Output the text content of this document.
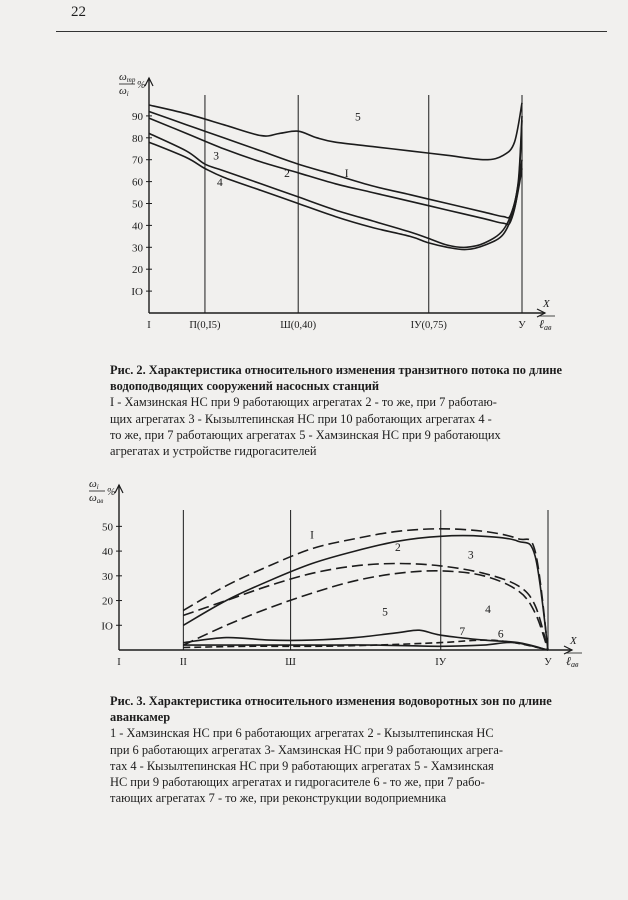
22
ωтр
ωi
%
X
ℓав
IO
20
30
40
50
60
70
80
90
I	П(0,I5)	Ш(0,40)	IУ(0,75)	У
I
2
3
4
5
Рис. 2. Характеристика относительного изменения транзитного потока по длине водоподводящих сооружений насосных станций
I - Хамзинская НС при 9 работающих агрегатах 2 - то же, при 7 работаю-
щих агрегатах 3 - Кызылтепинская НС при 10 работающих агрегатах 4 -
то же, при 7 работающих агрегатах 5 - Хамзинская НС при 9 работающих
агрегатах и устройстве гидрогасителей
ωi
ωав
%
X
ℓав
IO
20
30
40
50
I	II	Ш	IУ	У
I
2
3
4
5
6
7
Рис. 3. Характеристика относительного изменения водоворотных зон по длине аванкамер
1 - Хамзинская НС при 6 работающих агрегатах 2 - Кызылтепинская НС
при 6 работающих агрегатах 3- Хамзинская НС при 9 работающих агрега-
тах 4 - Кызылтепинская НС при 9 работающих агрегатах 5 - Хамзинская
НС при 9 работающих агрегатах и гидрогасителе 6 - то же, при 7 рабо-
тающих агрегатах 7 - то же, при реконструкции водоприемника
